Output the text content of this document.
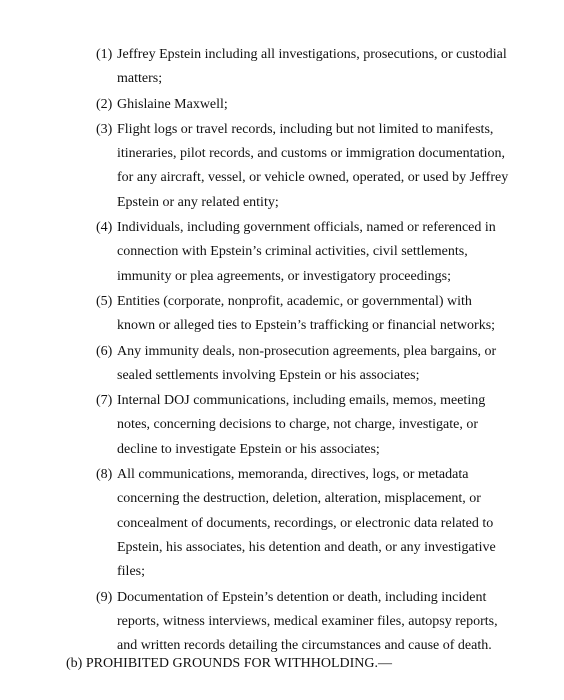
(1) Jeffrey Epstein including all investigations, prosecutions, or custodial
matters;
(2) Ghislaine Maxwell;
(3) Flight logs or travel records, including but not limited to manifests,
itineraries, pilot records, and customs or immigration documentation,
for any aircraft, vessel, or vehicle owned, operated, or used by Jeffrey
Epstein or any related entity;
(4) Individuals, including government officials, named or referenced in
connection with Epstein’s criminal activities, civil settlements,
immunity or plea agreements, or investigatory proceedings;
(5) Entities (corporate, nonprofit, academic, or governmental) with
known or alleged ties to Epstein’s trafficking or financial networks;
(6) Any immunity deals, non-prosecution agreements, plea bargains, or
sealed settlements involving Epstein or his associates;
(7) Internal DOJ communications, including emails, memos, meeting
notes, concerning decisions to charge, not charge, investigate, or
decline to investigate Epstein or his associates;
(8) All communications, memoranda, directives, logs, or metadata
concerning the destruction, deletion, alteration, misplacement, or
concealment of documents, recordings, or electronic data related to
Epstein, his associates, his detention and death, or any investigative
files;
(9) Documentation of Epstein’s detention or death, including incident
reports, witness interviews, medical examiner files, autopsy reports,
and written records detailing the circumstances and cause of death.
(b) PROHIBITED GROUNDS FOR WITHHOLDING.—
